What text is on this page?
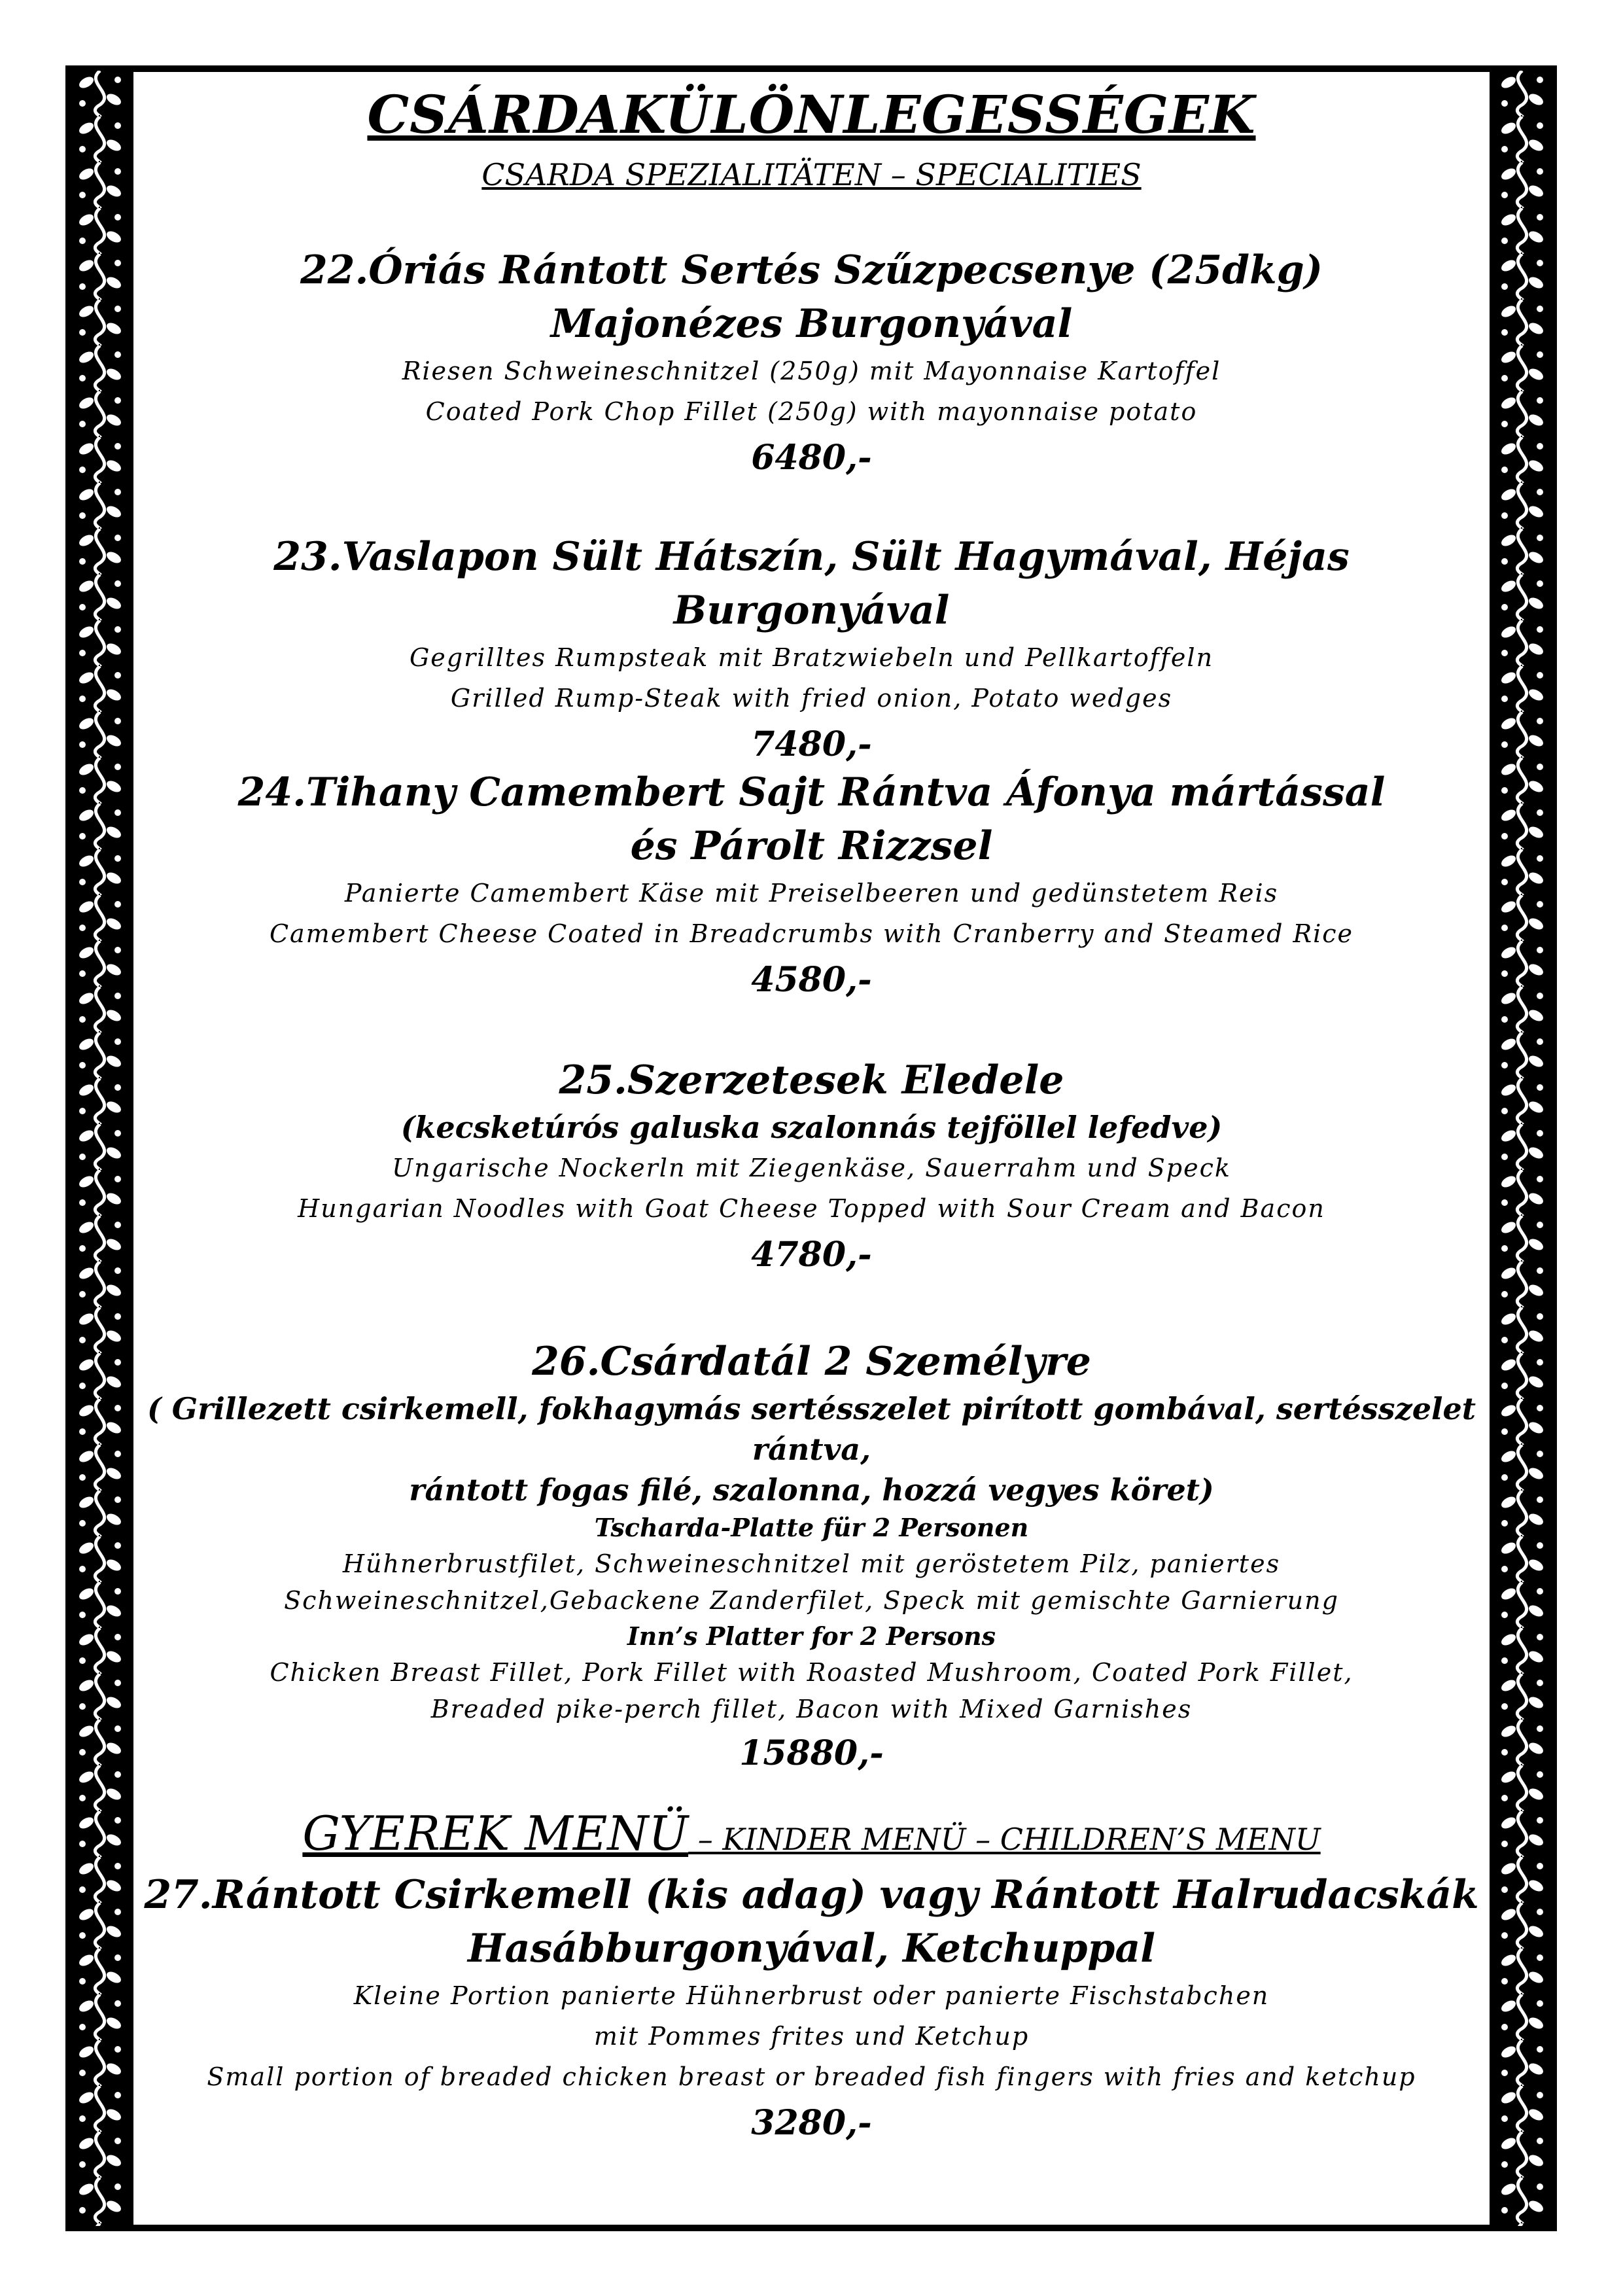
CSÁRDAKÜLÖNLEGESSÉGEK
CSARDA SPEZIALITÄTEN – SPECIALITIES

22.Óriás Rántott Sertés Szűzpecsenye (25dkg)

Majonézes Burgonyával

Riesen Schweineschnitzel (250g) mit Mayonnaise Kartoffel

Coated Pork Chop Fillet (250g) with mayonnaise potato

6480,-

23.Vaslapon Sült Hátszín, Sült Hagymával, Héjas Burgonyával

Gegrilltes Rumpsteak mit Bratzwiebeln und Pellkartoffeln

Grilled Rump-Steak with fried onion, Potato wedges

7480,-

24.Tihany Camembert Sajt Rántva Áfonya mártással

és Párolt Rizzsel

Panierte Camembert Käse mit Preiselbeeren und gedünstetem Reis

Camembert Cheese Coated in Breadcrumbs with Cranberry and Steamed Rice

4580,-

25.Szerzetesek Eledele

(kecsketúrós galuska szalonnás tejföllel lefedve)

Ungarische Nockerln mit Ziegenkäse, Sauerrahm und Speck

Hungarian Noodles with Goat Cheese Topped with Sour Cream and Bacon

4780,-

26.Csárdatál 2 Személyre

( Grillezett csirkemell, fokhagymás sertésszelet pirított gombával, sertésszelet rántva,

rántott fogas filé, szalonna, hozzá vegyes köret)

Tscharda-Platte für 2 Personen

Hühnerbrustfilet, Schweineschnitzel mit geröstetem Pilz, paniertes

Schweineschnitzel,Gebackene Zanderfilet, Speck mit gemischte Garnierung

Inn’s Platter for 2 Persons

Chicken Breast Fillet, Pork Fillet with Roasted Mushroom, Coated Pork Fillet,

Breaded pike-perch fillet, Bacon with Mixed Garnishes

15880,-

GYEREK MENÜ – KINDER MENÜ – CHILDREN’S MENU

27.Rántott Csirkemell (kis adag) vagy Rántott Halrudacskák

Hasábburgonyával, Ketchuppal

Kleine Portion panierte Hühnerbrust oder panierte Fischstabchen

mit Pommes frites und Ketchup

Small portion of breaded chicken breast or breaded fish fingers with fries and ketchup

3280,-
